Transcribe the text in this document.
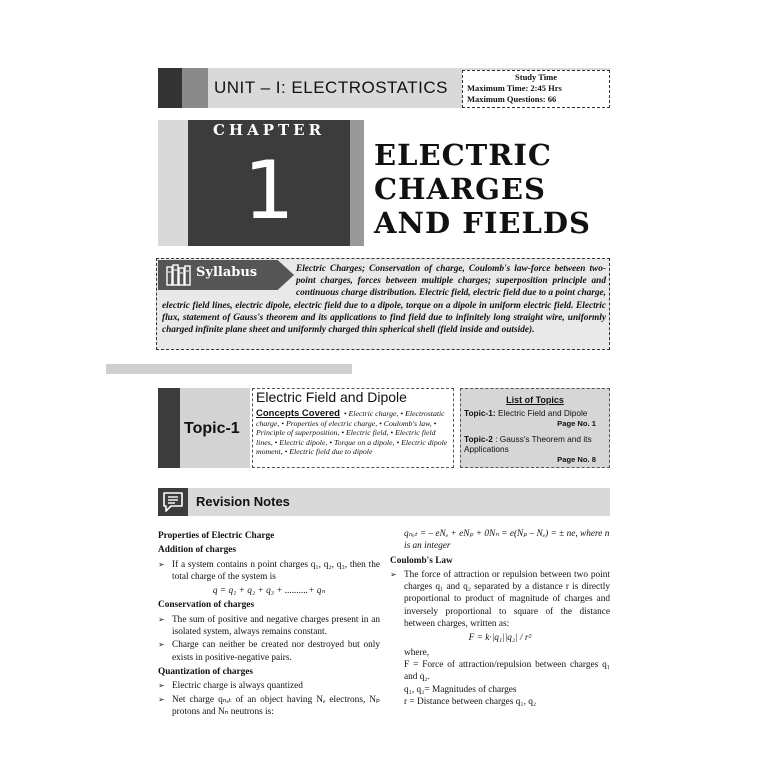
UNIT – I: ELECTROSTATICS
Study Time
Maximum Time: 2:45 Hrs
Maximum Questions: 66
CHAPTER
1	ELECTRIC
CHARGES
AND FIELDS
Electric Charges; Conservation of charge, Coulomb's law-force between two-point charges, forces between multiple charges; superposition principle and continuous charge distribution. Electric field, electric field due to a point charge, electric field lines, electric dipole, electric field due to a dipole, torque on a dipole in uniform electric field. Electric flux, statement of Gauss's theorem and its applications to find field due to infinitely long straight wire, uniformly charged infinite plane sheet and uniformly charged thin spherical shell (field inside and outside).
Syllabus
Topic-1
Electric Field and Dipole
Concepts Covered • Electric charge, • Electrostatic charge, • Properties of electric charge, • Coulomb's law, • Principle of superposition, • Electric field, • Electric field lines, • Electric dipole, • Torque on a dipole, • Electric dipole moment, • Electric field due to dipole
List of Topics
Topic-1: Electric Field and Dipole
Page No. 1
Topic-2 : Gauss's Theorem and its Applications
Page No. 8
Revision Notes
Properties of Electric Charge
Addition of charges
➢ If a system contains n point charges q₁, q₂, q₃, then the total charge of the system is
q = q₁ + q₂ + q₃ + ..........+ qₙ
Conservation of charges
➢ The sum of positive and negative charges present in an isolated system, always remains constant.
➢ Charge can neither be created nor destroyed but only exists in positive-negative pairs.
Quantization of charges
➢ Electric charge is always quantized
➢ Net charge qₙₑₜ of an object having Nₑ electrons, Nₚ protons and Nₙ neutrons is:
qₙₑₜ = – eNₑ + eNₚ + 0Nₙ = e(Nₚ – Nₑ) = ± ne, where n is an integer
Coulomb's Law
➢ The force of attraction or repulsion between two point charges q₁ and q₂ separated by a distance r is directly proportional to product of magnitude of charges and inversely proportional to square of the distance between charges, written as:
F = k·|q₁||q₂| / r²
where,
F = Force of attraction/repulsion between charges q₁ and q₂.
q₁, q₂= Magnitudes of charges
r = Distance between charges q₁, q₂
